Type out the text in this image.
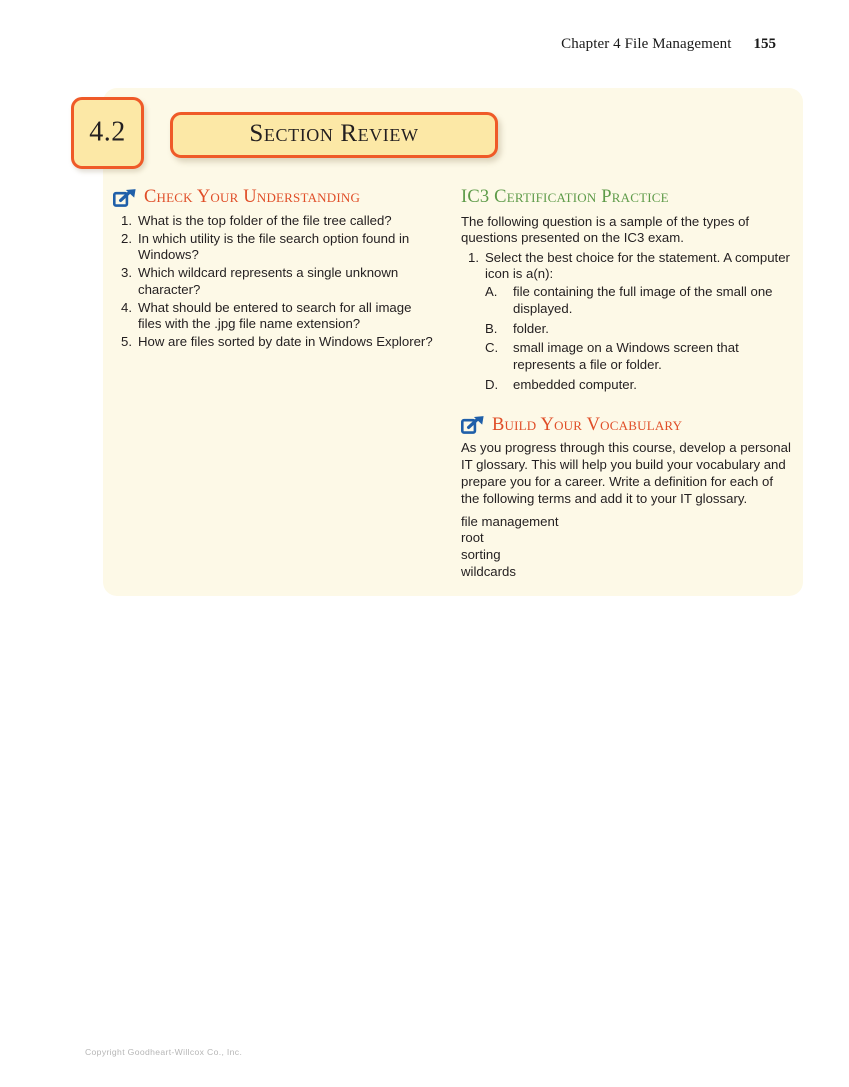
Chapter 4 File Management 155
4.2	Section Review
Check Your Understanding
1. What is the top folder of the file tree called?
2. In which utility is the file search option found in Windows?
3. Which wildcard represents a single unknown character?
4. What should be entered to search for all image files with the .jpg file name extension?
5. How are files sorted by date in Windows Explorer?
IC3 Certification Practice

The following question is a sample of the types of questions presented on the IC3 exam.

1. Select the best choice for the statement. A computer icon is a(n):
A.	file containing the full image of the small one displayed.
B.	folder.
C.	small image on a Windows screen that represents a file or folder.
D.	embedded computer.
Build Your Vocabulary

As you progress through this course, develop a personal IT glossary. This will help you build your vocabulary and prepare you for a career. Write a definition for each of the following terms and add it to your IT glossary.

file management
root
sorting
wildcards
Copyright Goodheart-Willcox Co., Inc.
